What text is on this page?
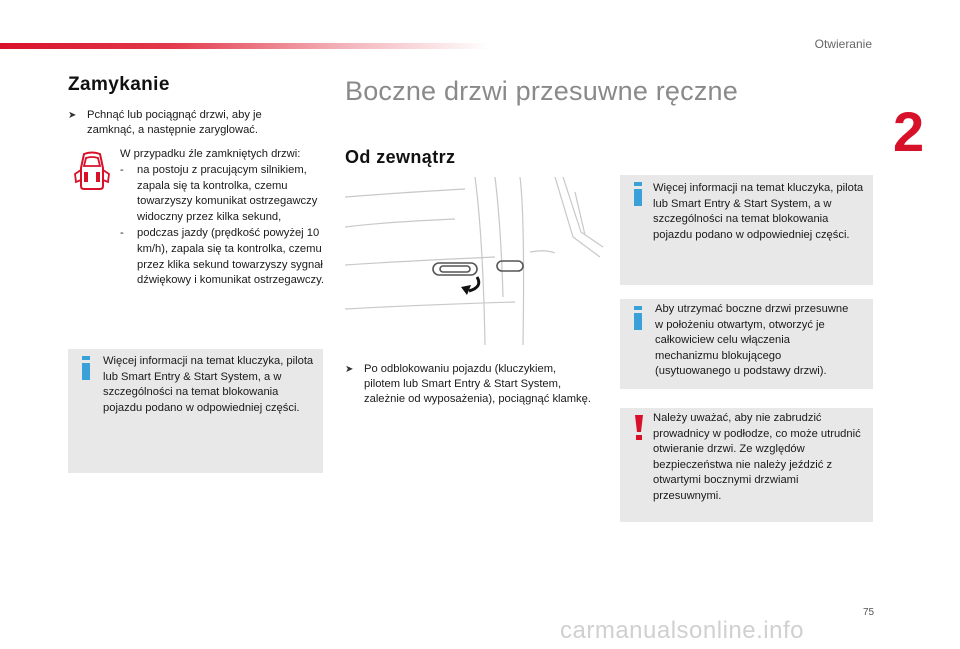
Otwieranie
2
Zamykanie
➤ Pchnąć lub pociągnąć drzwi, aby je zamknąć, a następnie zaryglować.
W przypadku źle zamkniętych drzwi:
- na postoju z pracującym silnikiem, zapala się ta kontrolka, czemu towarzyszy komunikat ostrzegawczy widoczny przez kilka sekund,
- podczas jazdy (prędkość powyżej 10 km/h), zapala się ta kontrolka, czemu przez klika sekund towarzyszy sygnał dźwiękowy i komunikat ostrzegawczy.
Więcej informacji na temat kluczyka, pilota lub Smart Entry & Start System, a w szczególności na temat blokowania pojazdu podano w odpowiedniej części.
Boczne drzwi przesuwne ręczne
Od zewnątrz
➤ Po odblokowaniu pojazdu (kluczykiem, pilotem lub Smart Entry & Start System, zależnie od wyposażenia), pociągnąć klamkę.
Więcej informacji na temat kluczyka, pilota lub Smart Entry & Start System, a w szczególności na temat blokowania pojazdu podano w odpowiedniej części.
Aby utrzymać boczne drzwi przesuwne w położeniu otwartym, otworzyć je całkowiciew celu włączenia mechanizmu blokującego (usytuowanego u podstawy drzwi).
Należy uważać, aby nie zabrudzić prowadnicy w podłodze, co może utrudnić otwieranie drzwi. Ze względów bezpieczeństwa nie należy jeździć z otwartymi bocznymi drzwiami przesuwnymi.
75
carmanualsonline.info
